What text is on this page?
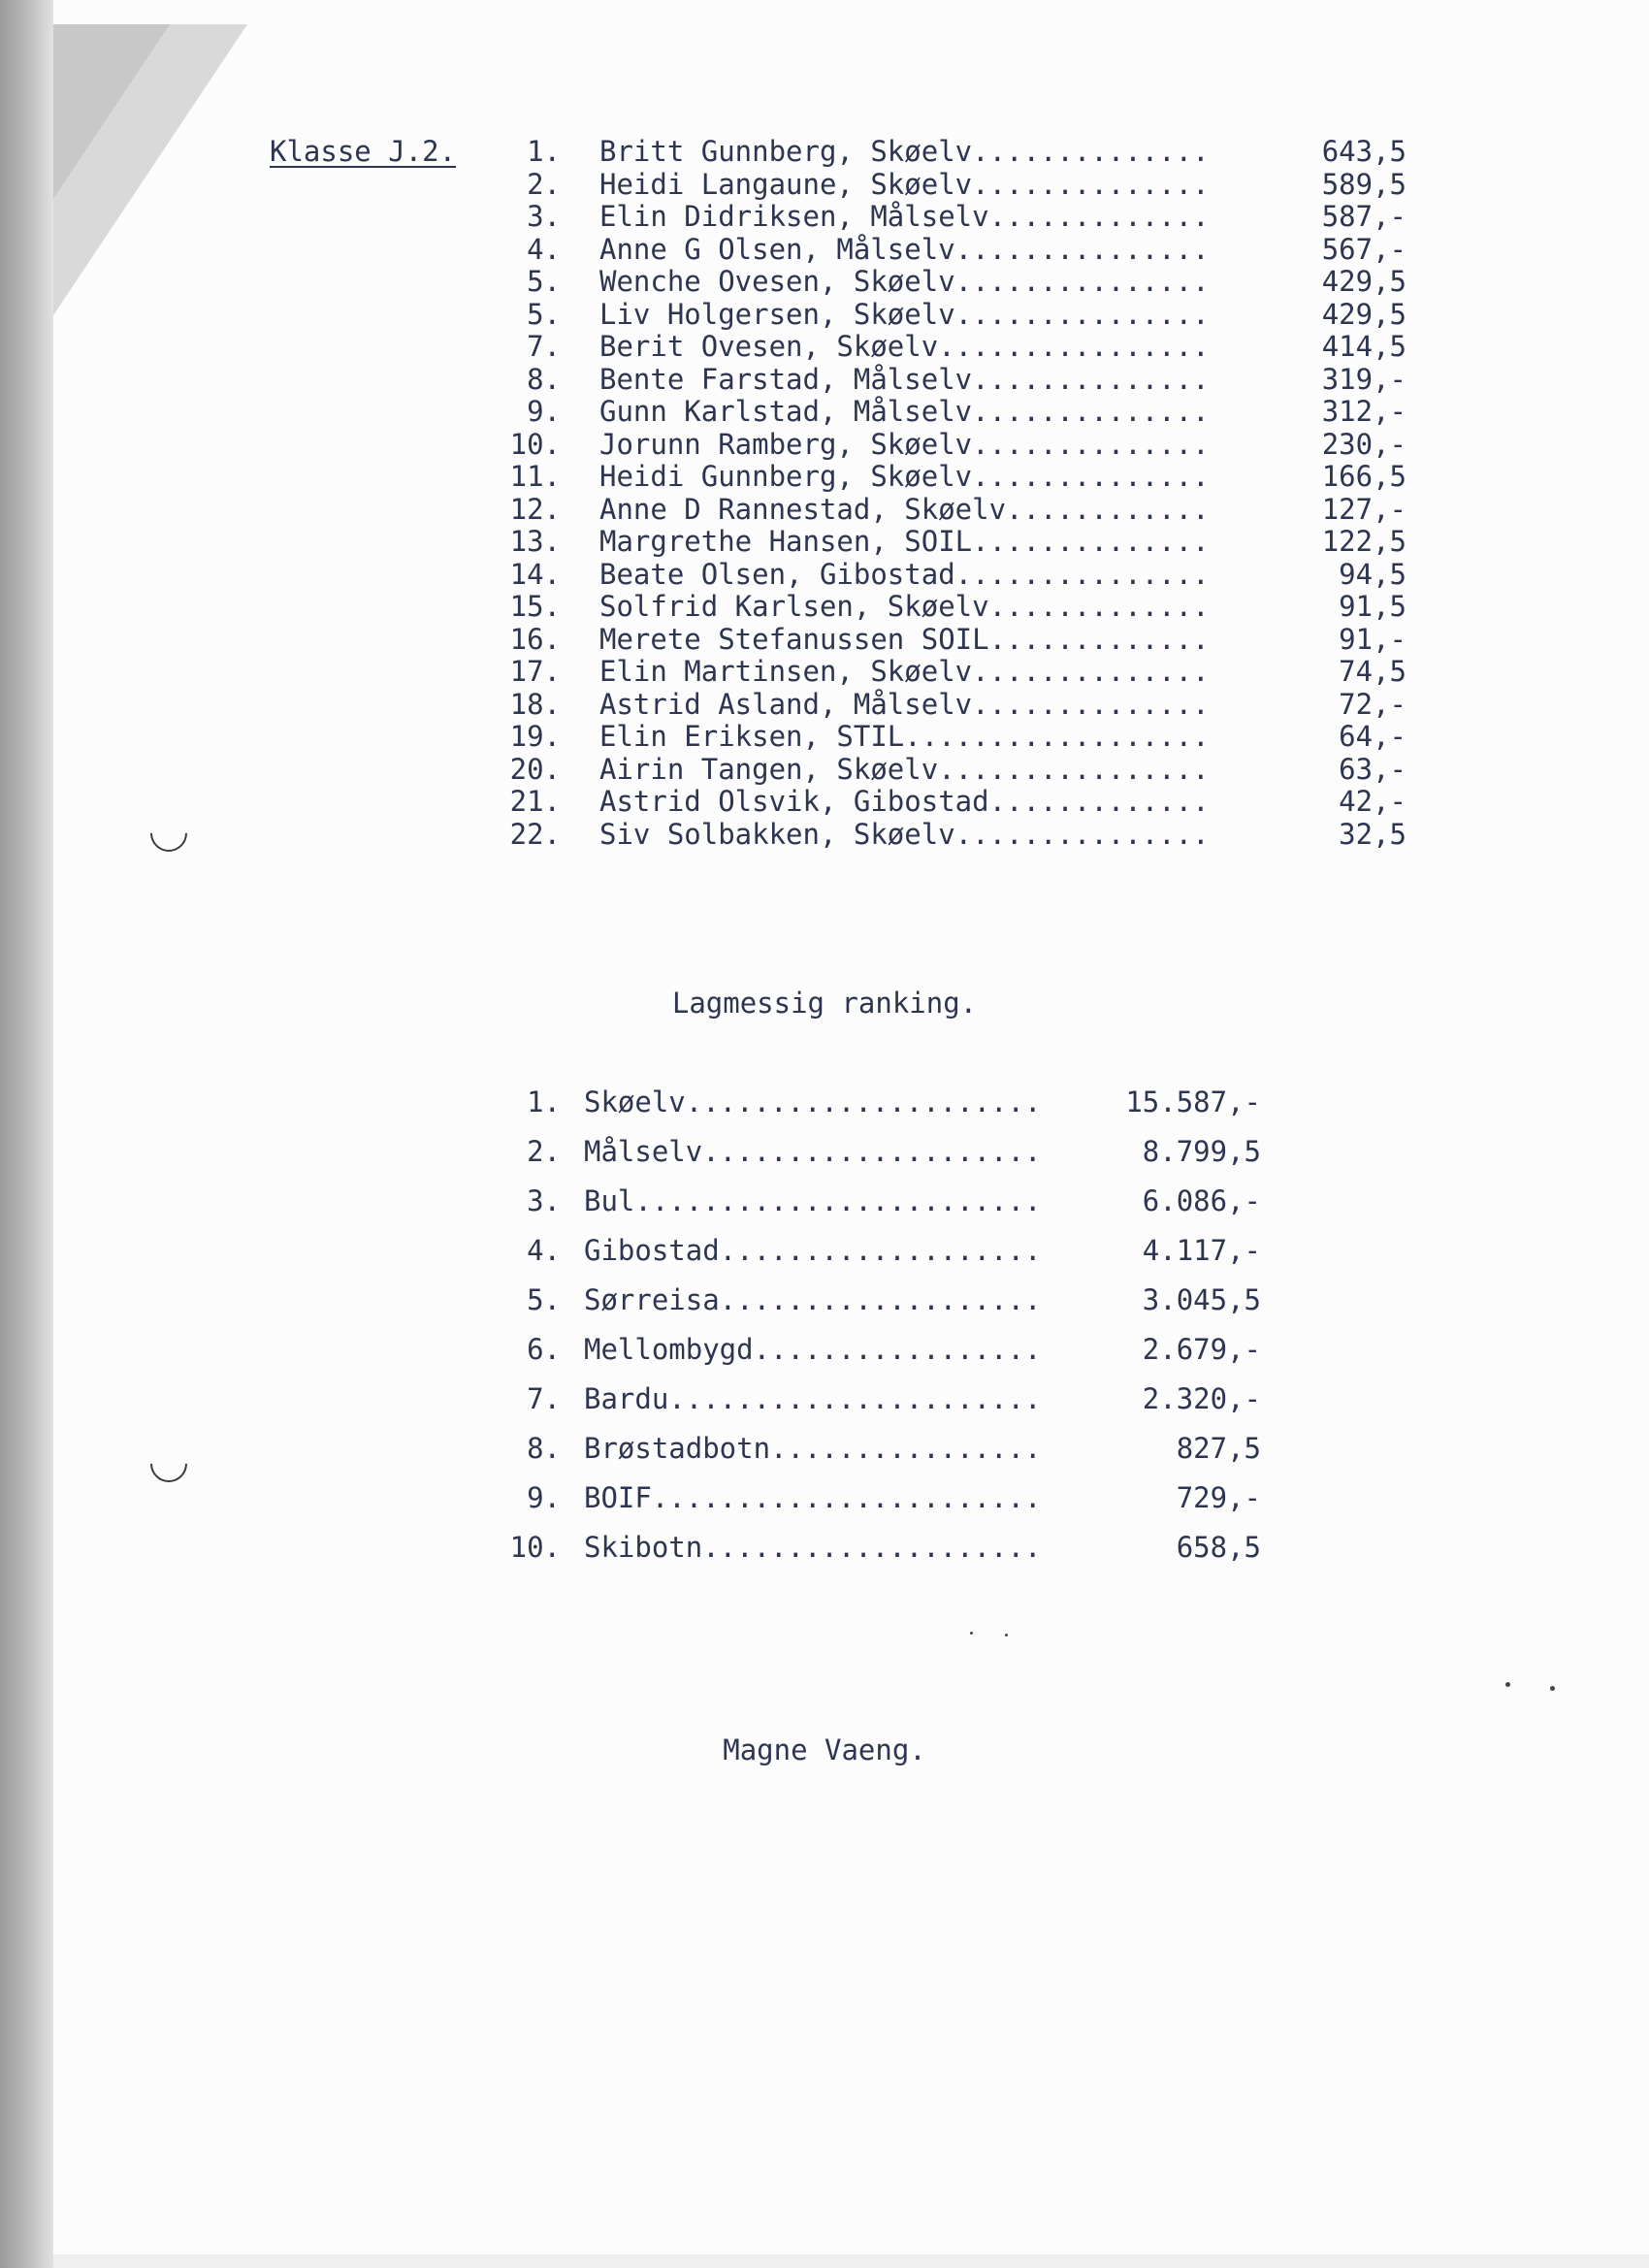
Klasse J.2.	1. Britt Gunnberg, Skøelv..............	643,5
2. Heidi Langaune, Skøelv..............	589,5
3. Elin Didriksen, Målselv.............	587,-
4. Anne G Olsen, Målselv...............	567,-
5. Wenche Ovesen, Skøelv...............	429,5
5. Liv Holgersen, Skøelv...............	429,5
7. Berit Ovesen, Skøelv................	414,5
8. Bente Farstad, Målselv..............	319,-
9. Gunn Karlstad, Målselv..............	312,-
10. Jorunn Ramberg, Skøelv..............	230,-
11. Heidi Gunnberg, Skøelv..............	166,5
12. Anne D Rannestad, Skøelv............	127,-
13. Margrethe Hansen, SOIL..............	122,5
14. Beate Olsen, Gibostad...............	94,5
15. Solfrid Karlsen, Skøelv.............	91,5
16. Merete Stefanussen SOIL.............	91,-
17. Elin Martinsen, Skøelv..............	74,5
18. Astrid Asland, Målselv..............	72,-
19. Elin Eriksen, STIL..................	64,-
20. Airin Tangen, Skøelv................	63,-
21. Astrid Olsvik, Gibostad.............	42,-
22. Siv Solbakken, Skøelv...............	32,5
Lagmessig ranking.
1. Skøelv.....................	15.587,-
2. Målselv....................	8.799,5
3. Bul........................	6.086,-
4. Gibostad...................	4.117,-
5. Sørreisa...................	3.045,5
6. Mellombygd.................	2.679,-
7. Bardu......................	2.320,-
8. Brøstadbotn................	827,5
9. BOIF.......................	729,-
10. Skibotn....................	658,5
Magne Vaeng.
